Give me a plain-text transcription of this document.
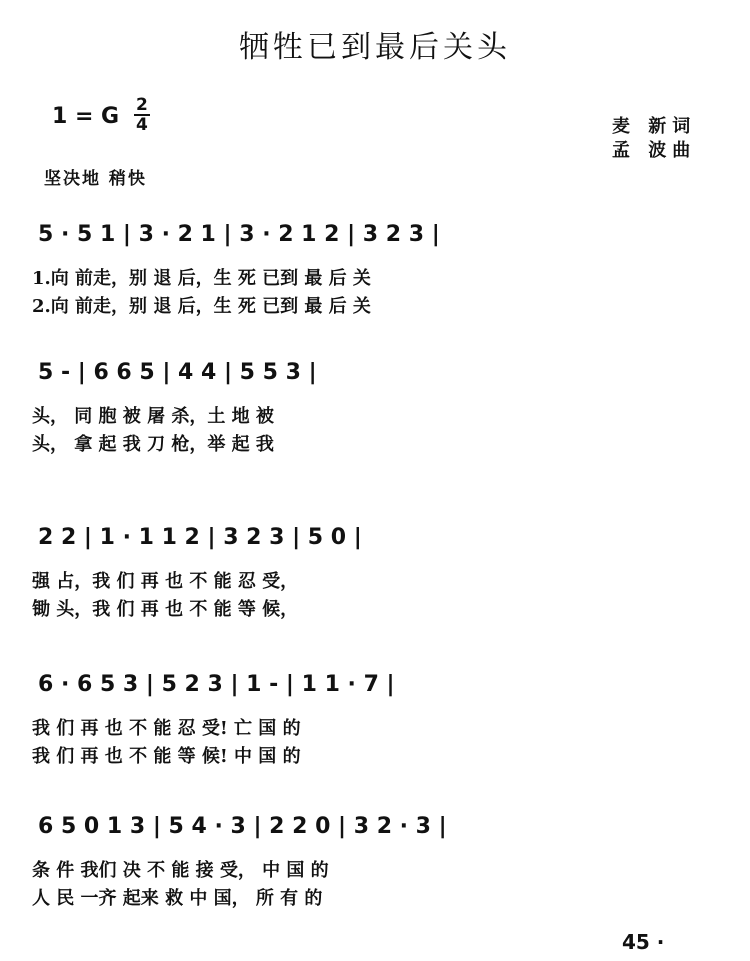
牺牲已到最后关头
1 = G 2
4	麦 新词
孟 波曲
坚决地 稍快
5 · 5 1 | 3 · 2 1 | 3 · 2 1 2 | 3 2 3 |
1.向 前走，别 退 后，生 死 已到 最 后 关
2.向 前走，别 退 后，生 死 已到 最 后 关
5 - | 6 6 5 | 4 4 | 5 5 3 |
头， 同 胞 被 屠 杀，土 地 被
头， 拿 起 我 刀 枪，举 起 我
2 2 | 1 · 1 1 2 | 3 2 3 | 5 0 |
强 占，我 们 再 也 不 能 忍 受，
锄 头，我 们 再 也 不 能 等 候，
6 · 6 5 3 | 5 2 3 | 1 - | 1 1 · 7 |
我 们 再 也 不 能 忍 受! 亡 国 的
我 们 再 也 不 能 等 候! 中 国 的
6 5 0 1 3 | 5 4 · 3 | 2 2 0 | 3 2 · 3 |
条 件 我们 决 不 能 接 受， 中 国 的
人 民 一齐 起来 救 中 国， 所 有 的
45 ·
